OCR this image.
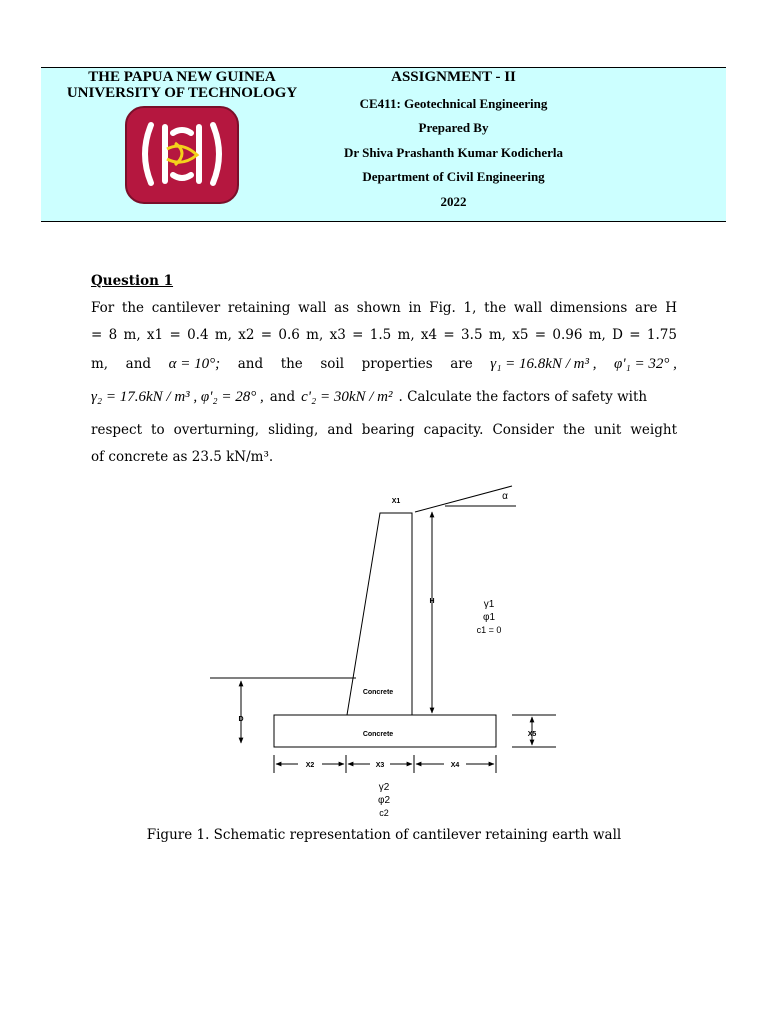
THE PAPUA NEW GUINEA
UNIVERSITY OF TECHNOLOGY
ASSIGNMENT - II
CE411: Geotechnical Engineering
Prepared By
Dr Shiva Prashanth Kumar Kodicherla
Department of Civil Engineering
2022
Question 1
For the cantilever retaining wall as shown in Fig. 1, the wall dimensions are H
= 8 m, x1 = 0.4 m, x2 = 0.6 m, x3 = 1.5 m, x4 = 3.5 m, x5 = 0.96 m, D = 1.75
m, and α = 10°; and the soil properties are γ₁ = 16.8kN / m³ , φ'₁ = 32° ,
γ₂ = 17.6kN / m³ , φ'₂ = 28° , and c'₂ = 30kN / m² . Calculate the factors of safety with
respect to overturning, sliding, and bearing capacity. Consider the unit weight
of concrete as 23.5 kN/m³.
X1	α
H	γ1
φ1
c1 = 0
Concrete
Concrete
D
X5
X2	X3	X4
γ2
φ2
c2
Figure 1. Schematic representation of cantilever retaining earth wall
